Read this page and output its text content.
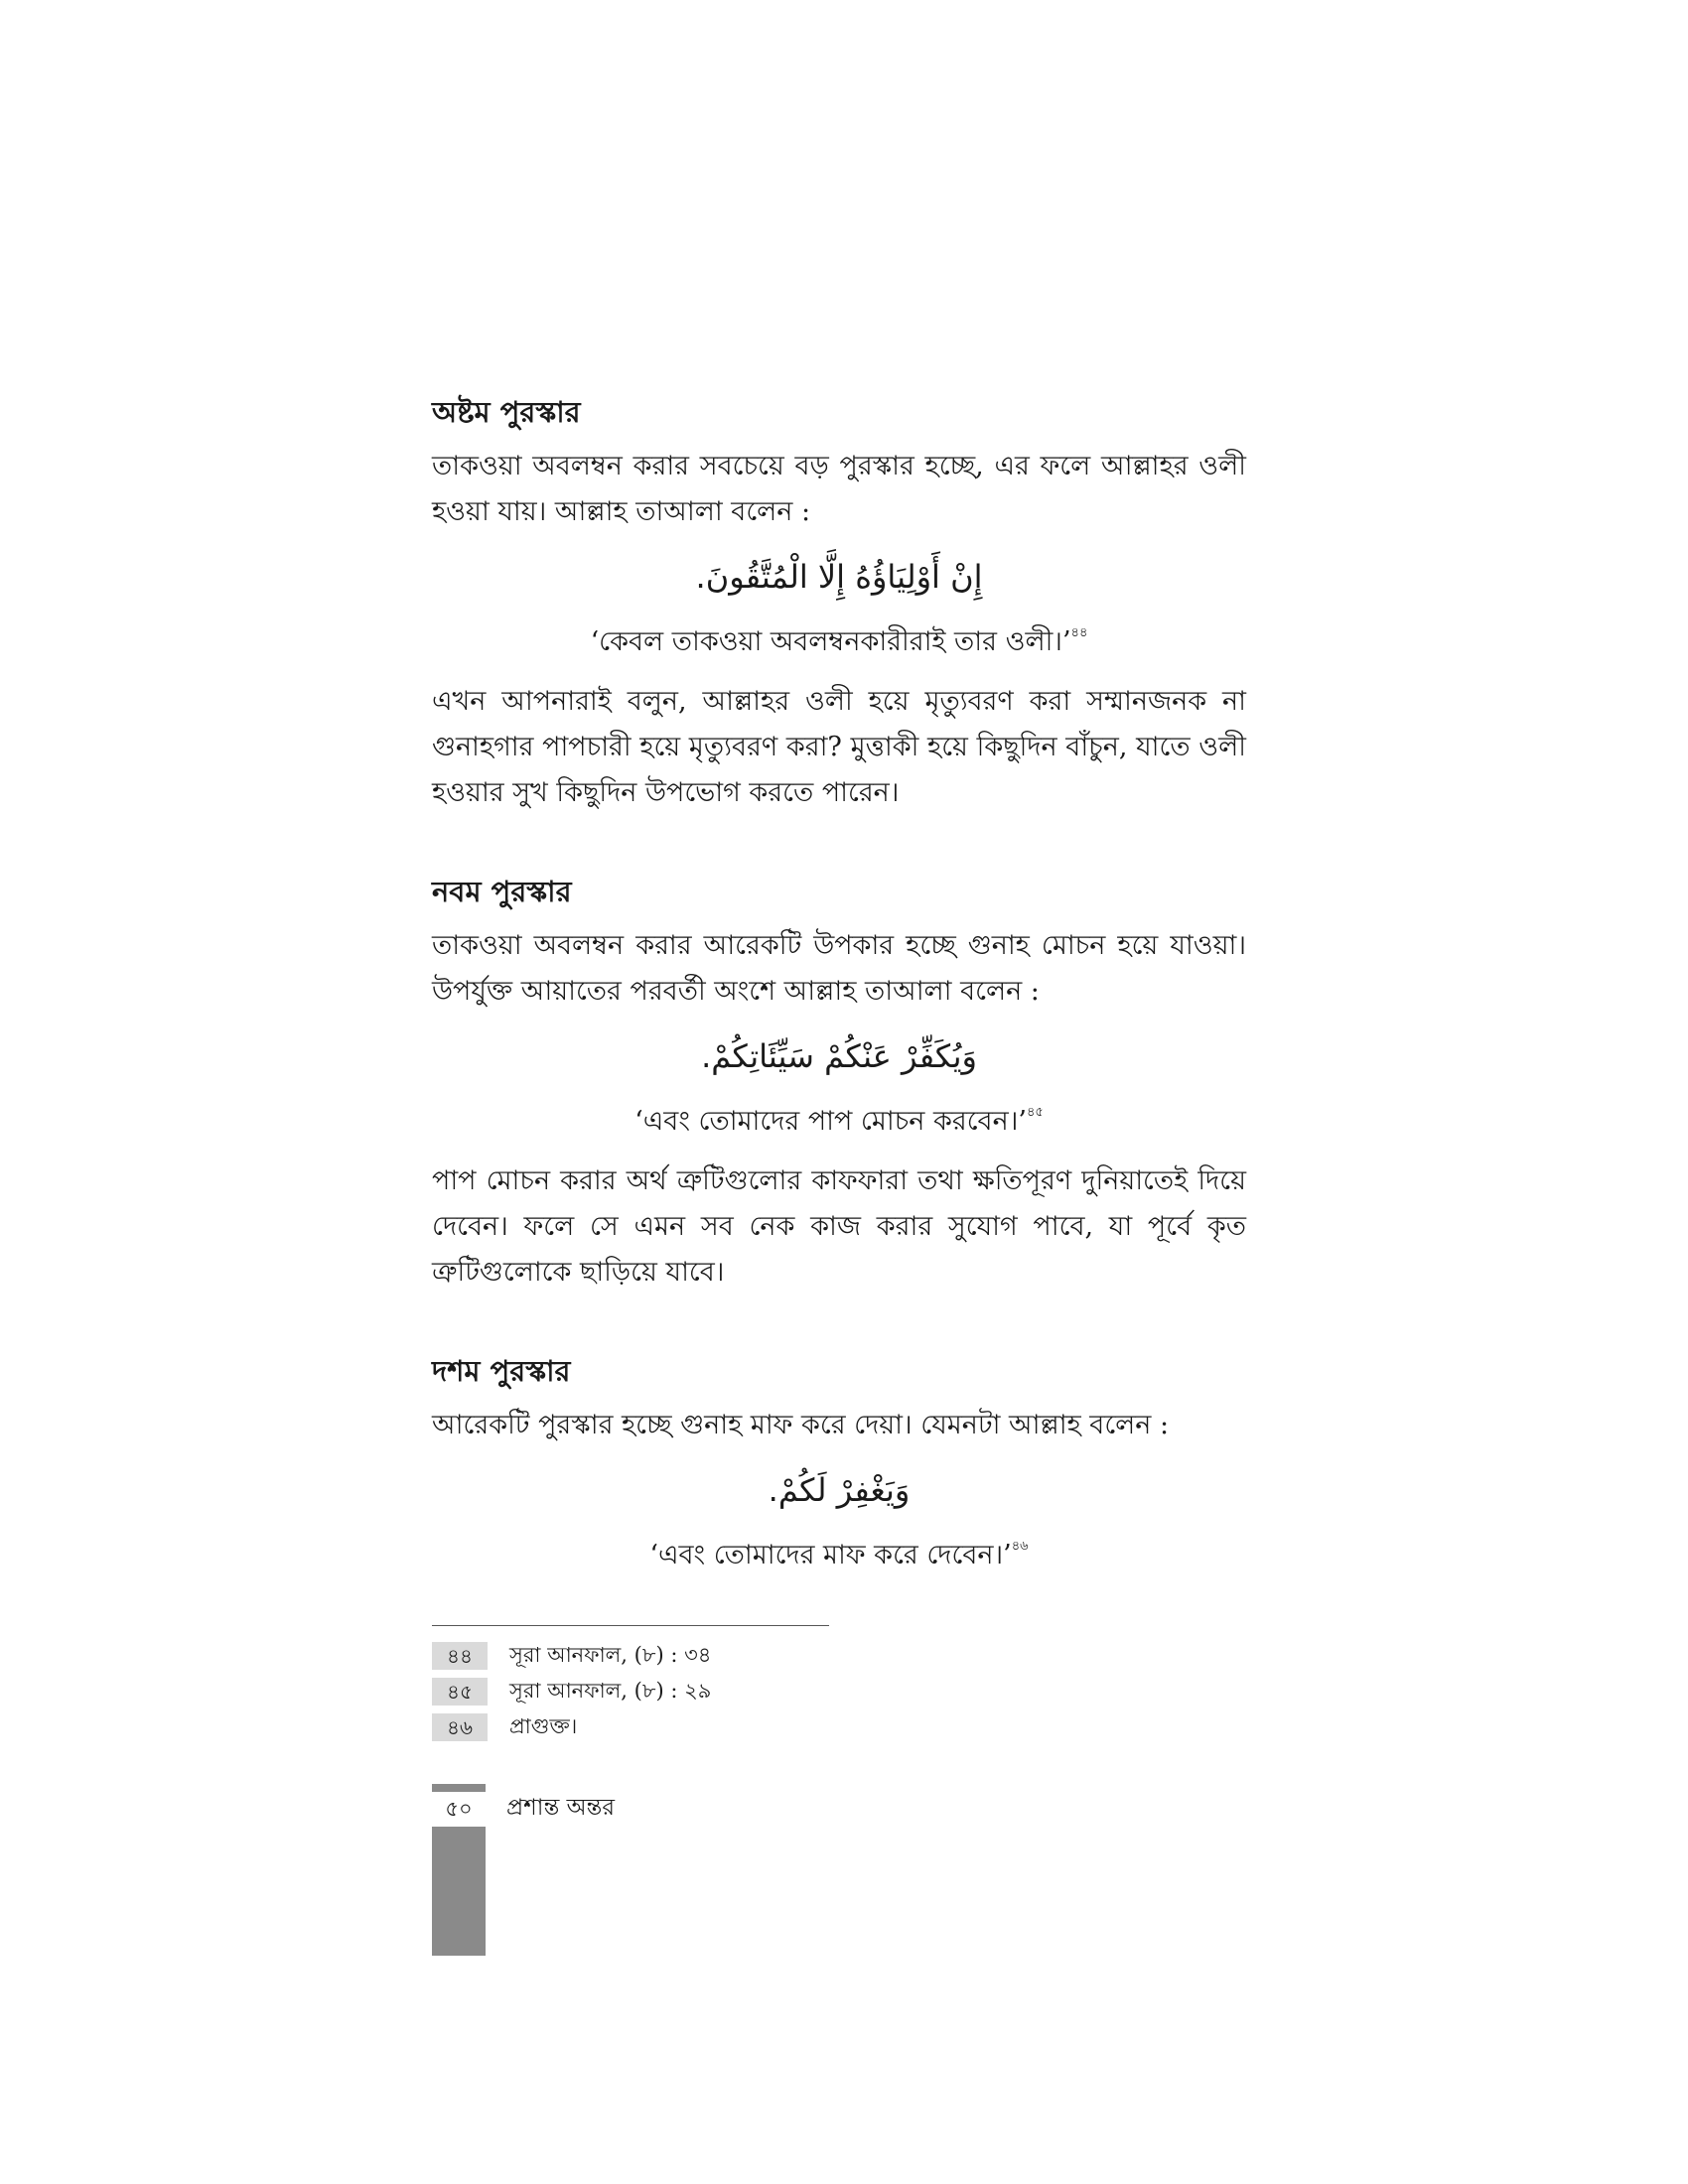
অষ্টম পুরস্কার

তাকওয়া অবলম্বন করার সবচেয়ে বড় পুরস্কার হচ্ছে, এর ফলে আল্লাহর ওলী হওয়া যায়। আল্লাহ তাআলা বলেন :

إِنْ أَوْلِيَاؤُهُ إِلَّا الْمُتَّقُونَ.
‘কেবল তাকওয়া অবলম্বনকারীরাই তার ওলী।’$^{৪৪}$

এখন আপনারাই বলুন, আল্লাহর ওলী হয়ে মৃত্যুবরণ করা সম্মানজনক না গুনাহগার পাপচারী হয়ে মৃত্যুবরণ করা? মুত্তাকী হয়ে কিছুদিন বাঁচুন, যাতে ওলী হওয়ার সুখ কিছুদিন উপভোগ করতে পারেন।

নবম পুরস্কার

তাকওয়া অবলম্বন করার আরেকটি উপকার হচ্ছে গুনাহ মোচন হয়ে যাওয়া। উপর্যুক্ত আয়াতের পরবর্তী অংশে আল্লাহ তাআলা বলেন :

وَيُكَفِّرْ عَنْكُمْ سَيِّئَاتِكُمْ.
‘এবং তোমাদের পাপ মোচন করবেন।’$^{৪৫}$

পাপ মোচন করার অর্থ ত্রুটিগুলোর কাফফারা তথা ক্ষতিপূরণ দুনিয়াতেই দিয়ে দেবেন। ফলে সে এমন সব নেক কাজ করার সুযোগ পাবে, যা পূর্বে কৃত ত্রুটিগুলোকে ছাড়িয়ে যাবে।

দশম পুরস্কার

আরেকটি পুরস্কার হচ্ছে গুনাহ মাফ করে দেয়া। যেমনটা আল্লাহ বলেন :

وَيَغْفِرْ لَكُمْ.
‘এবং তোমাদের মাফ করে দেবেন।’$^{৪৬}$
৪৪	সূরা আনফাল, (৮) : ৩৪
৪৫	সূরা আনফাল, (৮) : ২৯
৪৬	প্রাগুক্ত।
৫০	প্রশান্ত অন্তর
